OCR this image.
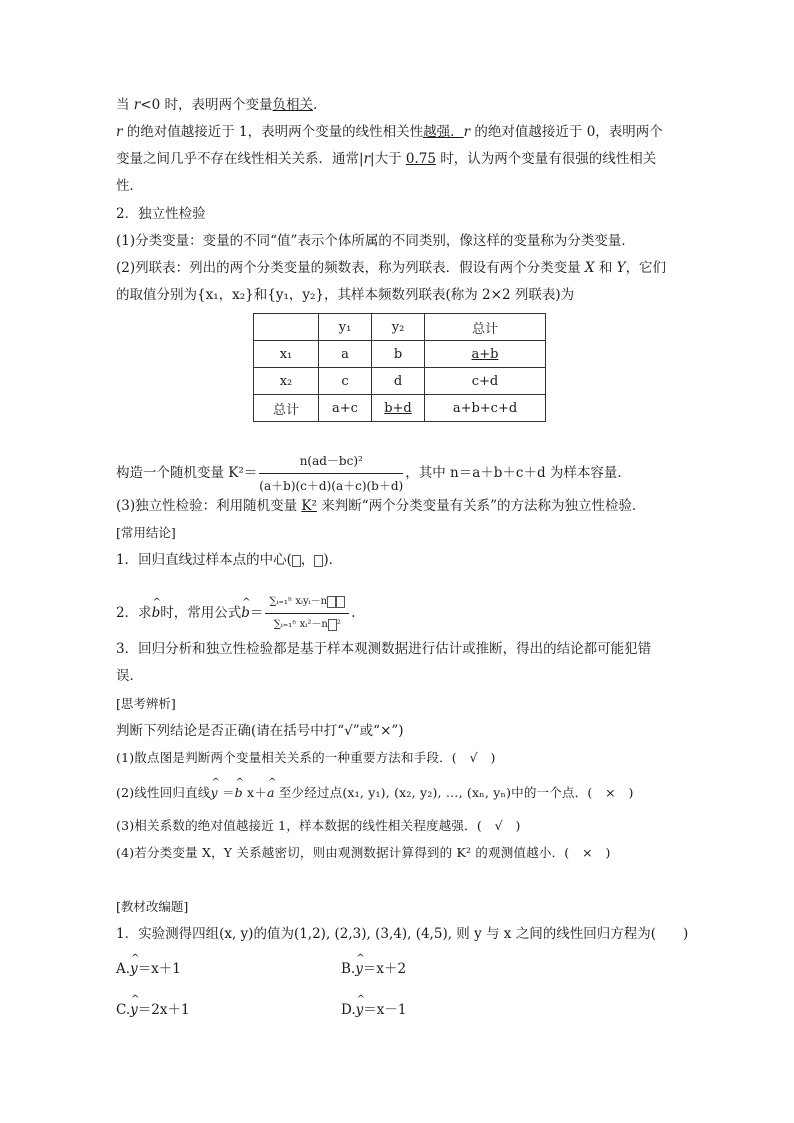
当 r<0 时，表明两个变量负相关.
r 的绝对值越接近于 1，表明两个变量的线性相关性越强．r 的绝对值越接近于 0，表明两个
变量之间几乎不存在线性相关关系．通常|r|大于 0.75 时，认为两个变量有很强的线性相关
性．
2．独立性检验
(1)分类变量：变量的不同“值”表示个体所属的不同类别，像这样的变量称为分类变量．
(2)列联表：列出的两个分类变量的频数表，称为列联表．假设有两个分类变量 X 和 Y，它们
的取值分别为{x₁，x₂}和{y₁，y₂}，其样本频数列联表(称为 2×2 列联表)为
	y₁	y₂	总计
x₁	a	b	a+b
x₂	c	d	c+d
总计	a+c	b+d	a+b+c+d
构造一个随机变量 $K^2= \frac{\text{n(ad－bc)²}}{(a+b)(c+d)(a+c)(b+d)}$ ，其中 n＝a＋b＋c＋d 为样本容量．
(3)独立性检验：利用随机变量 K² 来判断“两个分类变量有关系”的方法称为独立性检验．
[常用结论]
1．回归直线过样本点的中心( ， )．
2．求^ b时，常用公式^ $b= \frac{\text{∑ᵢ₌₁ⁿ xᵢyᵢ－n}}{\text{∑ᵢ₌₁ⁿ xᵢ²－n ²}}$ .
3．回归分析和独立性检验都是基于样本观测数据进行估计或推断，得出的结论都可能犯错
误．
[思考辨析]
判断下列结论是否正确(请在括号中打“√”或“×”)
(1)散点图是判断两个变量相关关系的一种重要方法和手段．(　√　)
(2)线性回归直线^ y ＝^ b x＋^ a 至少经过点(x₁, y₁), (x₂, y₂), …, (xₙ, yₙ)中的一个点．(　×　)
(3)相关系数的绝对值越接近 1，样本数据的线性相关程度越强．(　√　)
(4)若分类变量 X，Y 关系越密切，则由观测数据计算得到的 K² 的观测值越小．(　×　)
[教材改编题]
1．实验测得四组(x, y)的值为(1,2), (2,3), (3,4), (4,5), 则 y 与 x 之间的线性回归方程为(　　)
A.^ y＝x＋1	B.^ y＝x＋2
C.^ y＝2x＋1	D.^ y＝x－1
